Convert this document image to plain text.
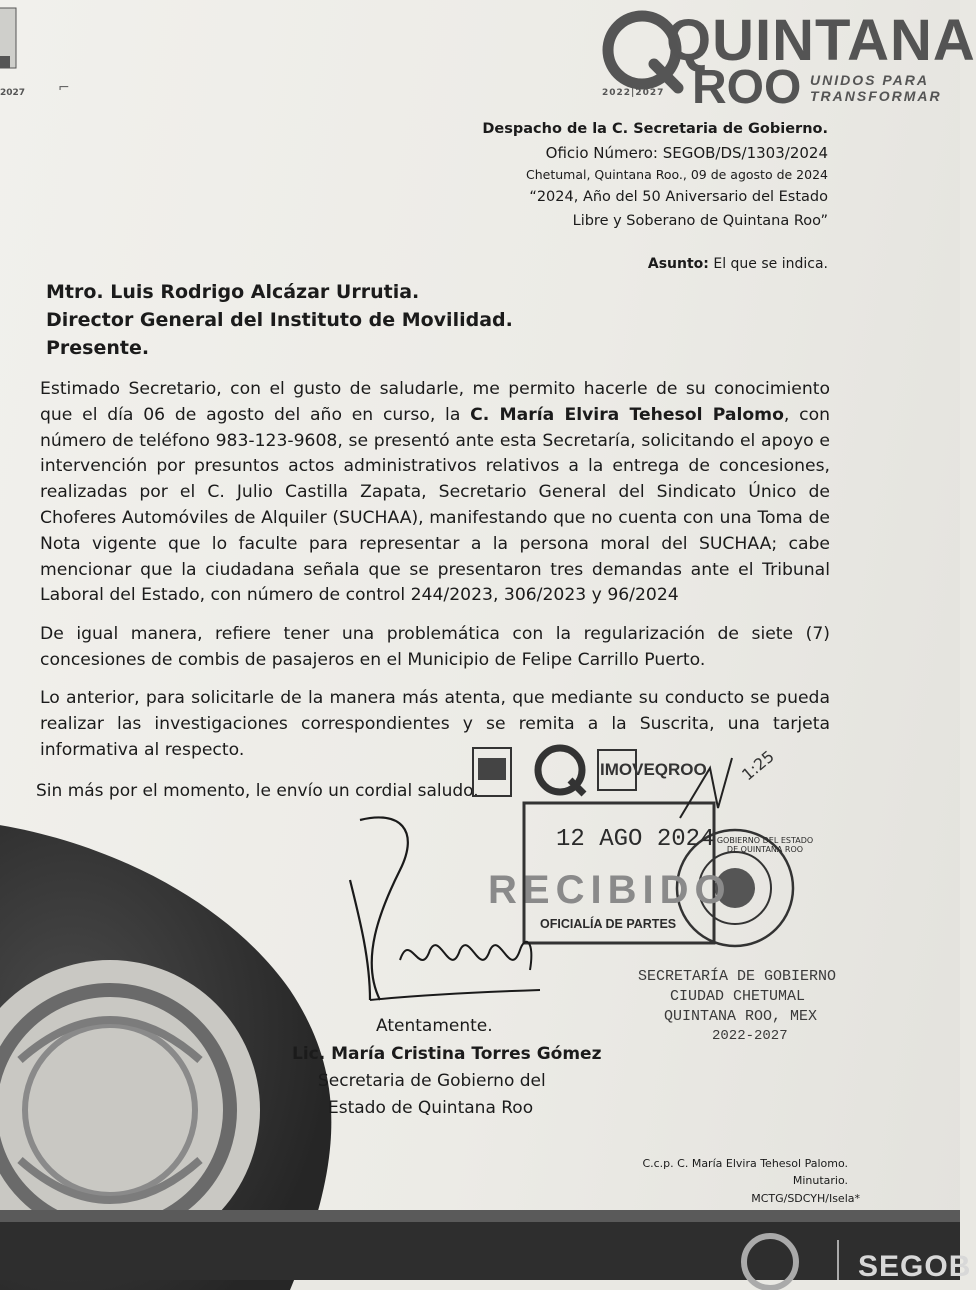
2027 ⌐
QUINTANA
ROO UNIDOS PARA TRANSFORMAR
2022|2027
Despacho de la C. Secretaria de Gobierno.
Oficio Número: SEGOB/DS/1303/2024
Chetumal, Quintana Roo., 09 de agosto de 2024
“2024, Año del 50 Aniversario del Estado
Libre y Soberano de Quintana Roo”
Asunto: El que se indica.
Mtro. Luis Rodrigo Alcázar Urrutia.
Director General del Instituto de Movilidad.
Presente.
Estimado Secretario, con el gusto de saludarle, me permito hacerle de su conocimiento que el día 06 de agosto del año en curso, la C. María Elvira Tehesol Palomo, con número de teléfono 983-123-9608, se presentó ante esta Secretaría, solicitando el apoyo e intervención por presuntos actos administrativos relativos a la entrega de concesiones, realizadas por el C. Julio Castilla Zapata, Secretario General del Sindicato Único de Choferes Automóviles de Alquiler (SUCHAA), manifestando que no cuenta con una Toma de Nota vigente que lo faculte para representar a la persona moral del SUCHAA; cabe mencionar que la ciudadana señala que se presentaron tres demandas ante el Tribunal Laboral del Estado, con número de control 244/2023, 306/2023 y 96/2024
De igual manera, refiere tener una problemática con la regularización de siete (7) concesiones de combis de pasajeros en el Municipio de Felipe Carrillo Puerto.
Lo anterior, para solicitarle de la manera más atenta, que mediante su conducto se pueda realizar las investigaciones correspondientes y se remita a la Suscrita, una tarjeta informativa al respecto.
Sin más por el momento, le envío un cordial saludo.
SEGOB
IMOVEQROO 1:25
12 AGO 2024
RECIBIDO
OFICIALÍA DE PARTES
GOBIERNO DEL ESTADO DE QUINTANA ROO
SECRETARÍA DE GOBIERNO
CIUDAD CHETUMAL
QUINTANA ROO, MEX
2022-2027
Atentamente.
Lic. María Cristina Torres Gómez
Secretaria de Gobierno del
Estado de Quintana Roo
C.c.p. C. María Elvira Tehesol Palomo.
Minutario.
MCTG/SDCYH/Isela*
